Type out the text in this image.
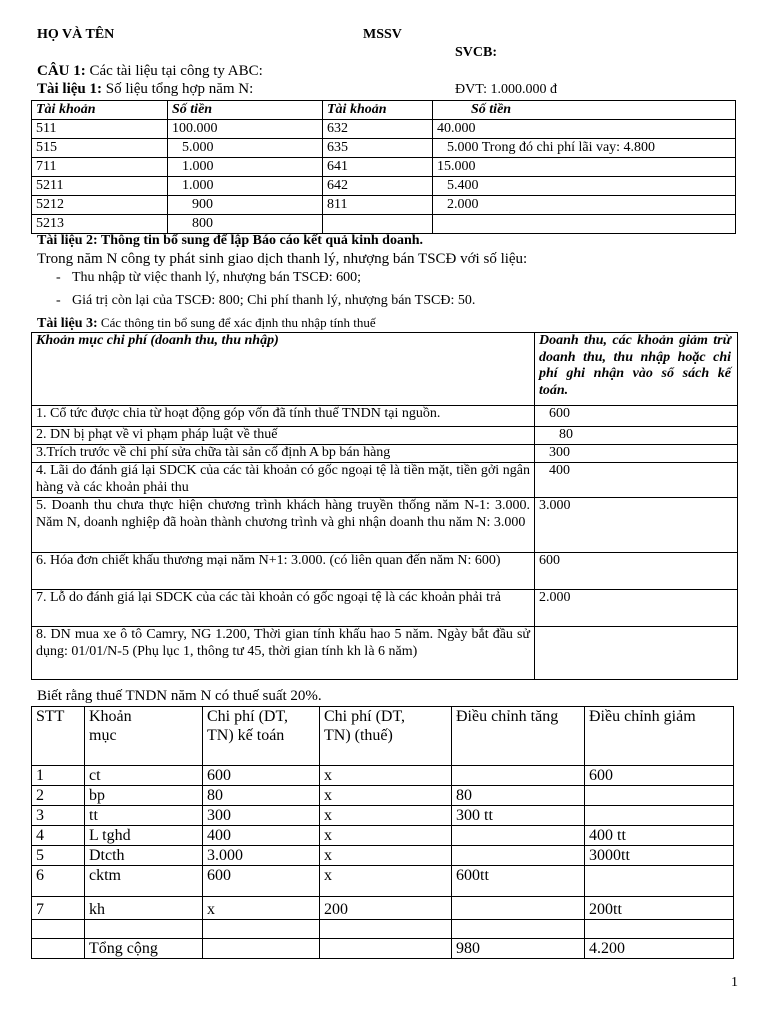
HỌ VÀ TÊN	MSSV
SVCB:
CÂU 1: Các tài liệu tại công ty ABC:
Tài liệu 1: Số liệu tổng hợp năm N:	ĐVT: 1.000.000 đ
Tài khoản	Số tiền	Tài khoản	Số tiền
511	100.000	632	40.000
515	5.000	635	5.000 Trong đó chi phí lãi vay: 4.800
711	1.000	641	15.000
5211	1.000	642	5.400
5212	900	811	2.000
5213	800		
Tài liệu 2: Thông tin bổ sung để lập Báo cáo kết quả kinh doanh.
Trong năm N công ty phát sinh giao dịch thanh lý, nhượng bán TSCĐ với số liệu:
- Thu nhập từ việc thanh lý, nhượng bán TSCĐ: 600;
- Giá trị còn lại của TSCĐ: 800; Chi phí thanh lý, nhượng bán TSCĐ: 50.
Tài liệu 3: Các thông tin bổ sung để xác định thu nhập tính thuế
Khoản mục chi phí (doanh thu, thu nhập)	Doanh thu, các khoản giảm trừ doanh thu, thu nhập hoặc chi phí ghi nhận vào sổ sách kế toán.
1. Cổ tức được chia từ hoạt động góp vốn đã tính thuế TNDN tại nguồn.	600
2. DN bị phạt về vi phạm pháp luật về thuế	80
3.Trích trước về chi phí sửa chữa tài sản cố định A bp bán hàng	300
4. Lãi do đánh giá lại SDCK của các tài khoản có gốc ngoại tệ là tiền mặt, tiền gởi ngân hàng và các khoản phải thu	400
5. Doanh thu chưa thực hiện chương trình khách hàng truyền thống năm N-1: 3.000. Năm N, doanh nghiệp đã hoàn thành chương trình và ghi nhận doanh thu năm N: 3.000	3.000
6. Hóa đơn chiết khấu thương mại năm N+1: 3.000. (có liên quan đến năm N: 600)	600
7. Lỗ do đánh giá lại SDCK của các tài khoản có gốc ngoại tệ là các khoản phải trả	2.000
8. DN mua xe ô tô Camry, NG 1.200, Thời gian tính khấu hao 5 năm. Ngày bắt đầu sử dụng: 01/01/N-5 (Phụ lục 1, thông tư 45, thời gian tính kh là 6 năm)	
Biết rằng thuế TNDN năm N có thuế suất 20%.
STT	Khoản mục	Chi phí (DT, TN) kế toán	Chi phí (DT, TN) (thuế)	Điều chỉnh tăng	Điều chỉnh giảm
1	ct	600	x		600
2	bp	80	x	80	
3	tt	300	x	300 tt	
4	L tghd	400	x		400 tt
5	Dtcth	3.000	x		3000tt
6	cktm	600	x	600tt	
7	kh	x	200		200tt

	Tổng cộng			980	4.200
1
